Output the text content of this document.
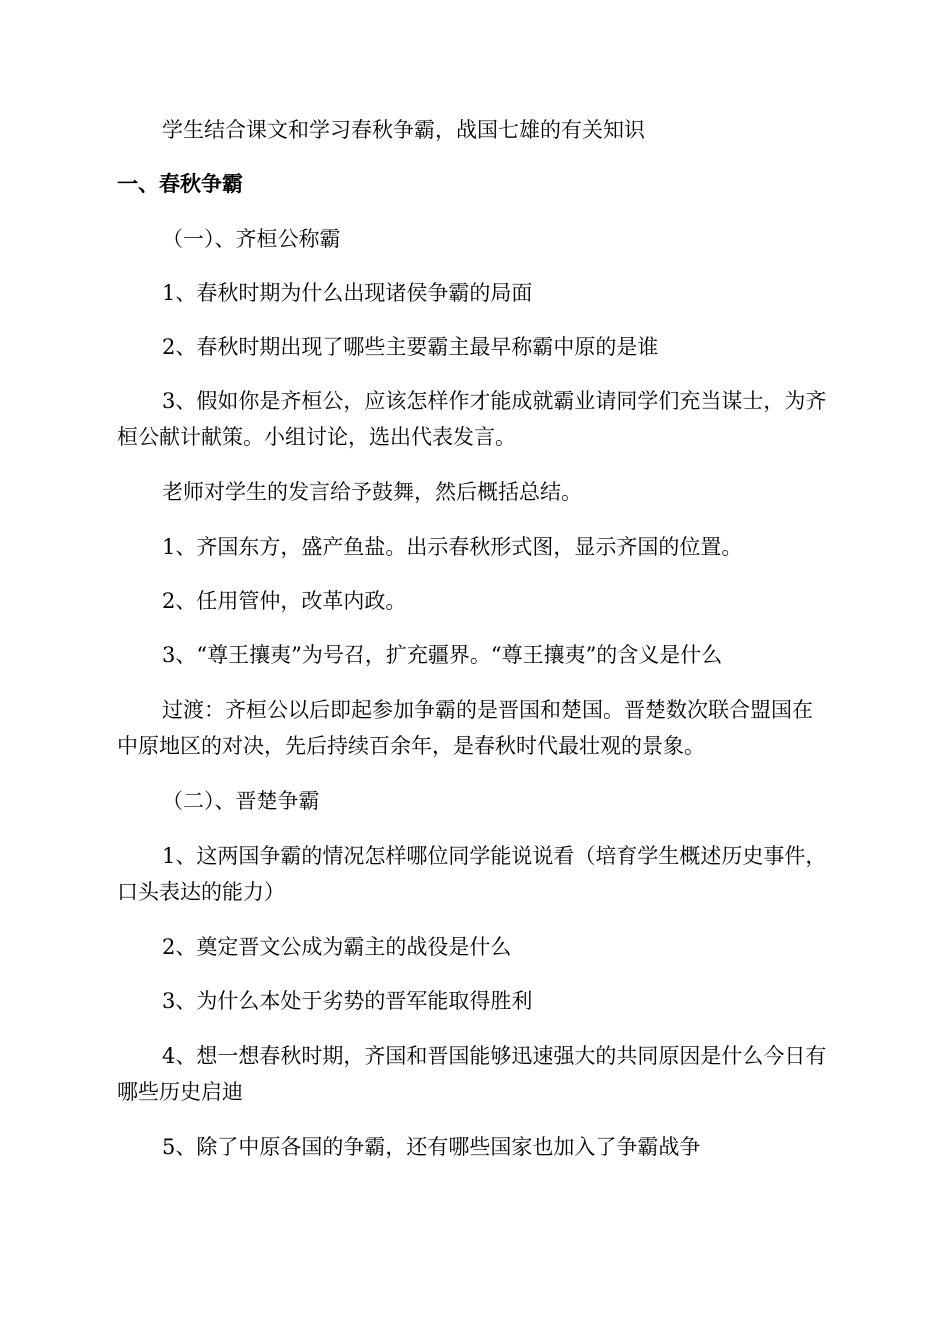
学生结合课文和学习春秋争霸，战国七雄的有关知识
一、春秋争霸
（一）、齐桓公称霸
1、春秋时期为什么出现诸侯争霸的局面
2、春秋时期出现了哪些主要霸主最早称霸中原的是谁
3、假如你是齐桓公，应该怎样作才能成就霸业请同学们充当谋士，为齐桓公献计献策。小组讨论，选出代表发言。
老师对学生的发言给予鼓舞，然后概括总结。
1、齐国东方，盛产鱼盐。出示春秋形式图，显示齐国的位置。
2、任用管仲，改革内政。
3、“尊王攘夷”为号召，扩充疆界。“尊王攘夷”的含义是什么
过渡：齐桓公以后即起参加争霸的是晋国和楚国。晋楚数次联合盟国在中原地区的对决，先后持续百余年，是春秋时代最壮观的景象。
（二）、晋楚争霸
1、这两国争霸的情况怎样哪位同学能说说看（培育学生概述历史事件，口头表达的能力）
2、奠定晋文公成为霸主的战役是什么
3、为什么本处于劣势的晋军能取得胜利
4、想一想春秋时期，齐国和晋国能够迅速强大的共同原因是什么今日有哪些历史启迪
5、除了中原各国的争霸，还有哪些国家也加入了争霸战争
